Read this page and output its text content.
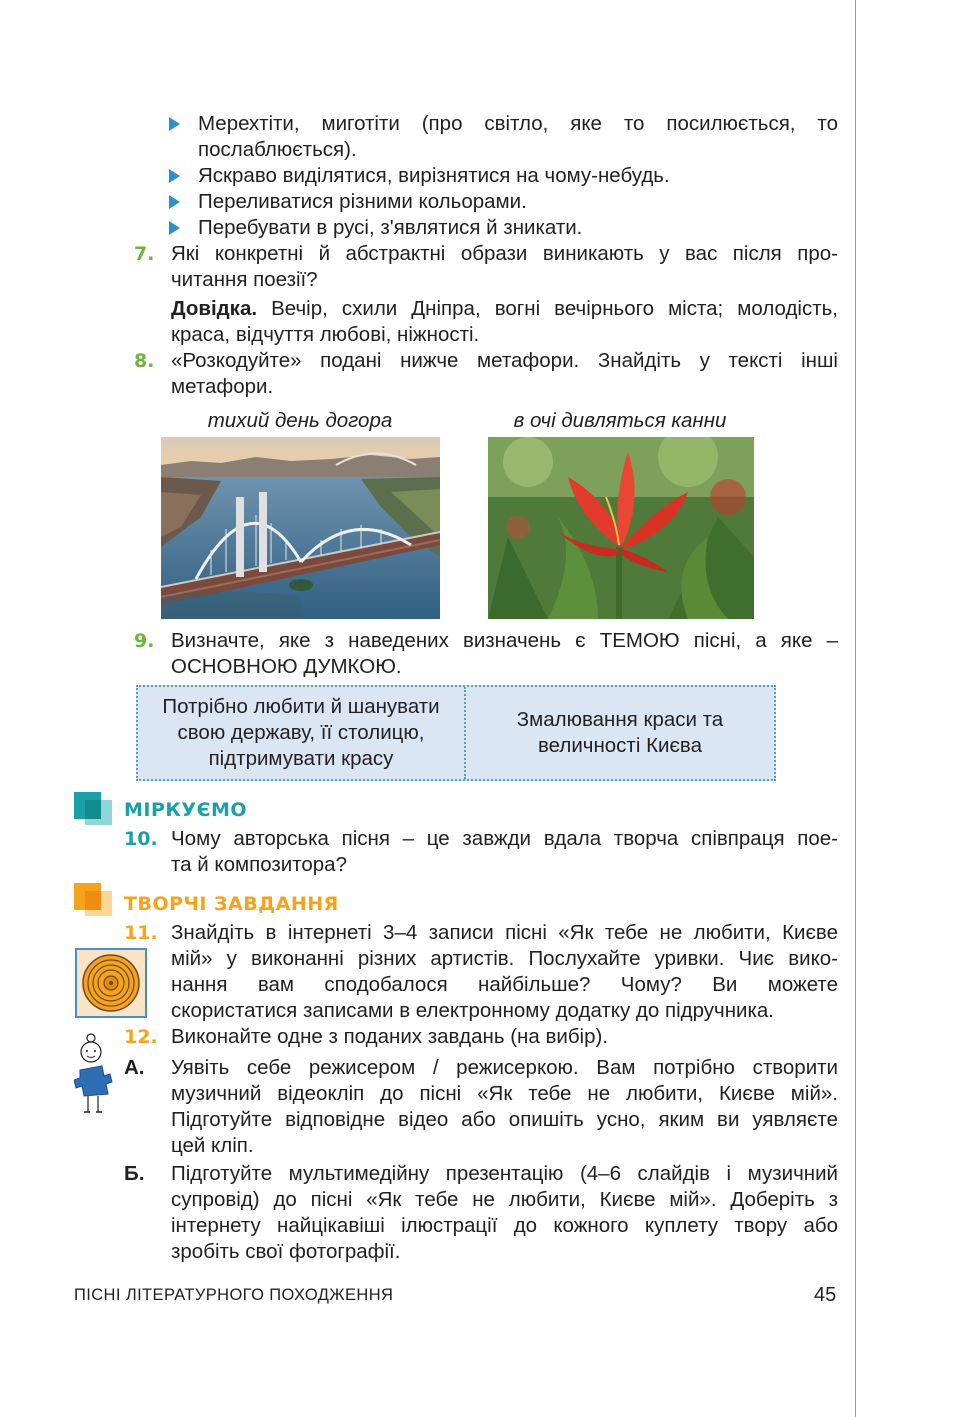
Мерехтіти, миготіти (про світло, яке то посилюється, то
послаблюється).
Яскраво виділятися, вирізнятися на чому-небудь.
Переливатися різними кольорами.
Перебувати в русі, з'являтися й зникати.
7. Які конкретні й абстрактні образи виникають у вас після про-
читання поезії?
Довідка. Вечір, схили Дніпра, вогні вечірнього міста; молодість,
краса, відчуття любові, ніжності.
8. «Розкодуйте» подані нижче метафори. Знайдіть у тексті інші
метафори.
тихий день догора	в очі дивляться канни
9. Визначте, яке з наведених визначень є ТЕМОЮ пісні, а яке –
ОСНОВНОЮ ДУМКОЮ.
Потрібно любити й шанувати
свою державу, її столицю,
підтримувати красу
Змалювання краси та
величності Києва
МІРКУЄМО
10. Чому авторська пісня – це завжди вдала творча співпраця пое-
та й композитора?
ТВОРЧІ ЗАВДАННЯ
11. Знайдіть в інтернеті 3–4 записи пісні «Як тебе не любити, Києве
мій» у виконанні різних артистів. Послухайте уривки. Чиє вико-
нання вам сподобалося найбільше? Чому? Ви можете
скористатися записами в електронному додатку до підручника.
12. Виконайте одне з поданих завдань (на вибір).
А. Уявіть себе режисером / режисеркою. Вам потрібно створити
музичний відеокліп до пісні «Як тебе не любити, Києве мій».
Підготуйте відповідне відео або опишіть усно, яким ви уявляєте
цей кліп.
Б. Підготуйте мультимедійну презентацію (4–6 слайдів і музичний
супровід) до пісні «Як тебе не любити, Києве мій». Доберіть з
інтернету найцікавіші ілюстрації до кожного куплету твору або
зробіть свої фотографії.
ПІСНІ ЛІТЕРАТУРНОГО ПОХОДЖЕННЯ	45
